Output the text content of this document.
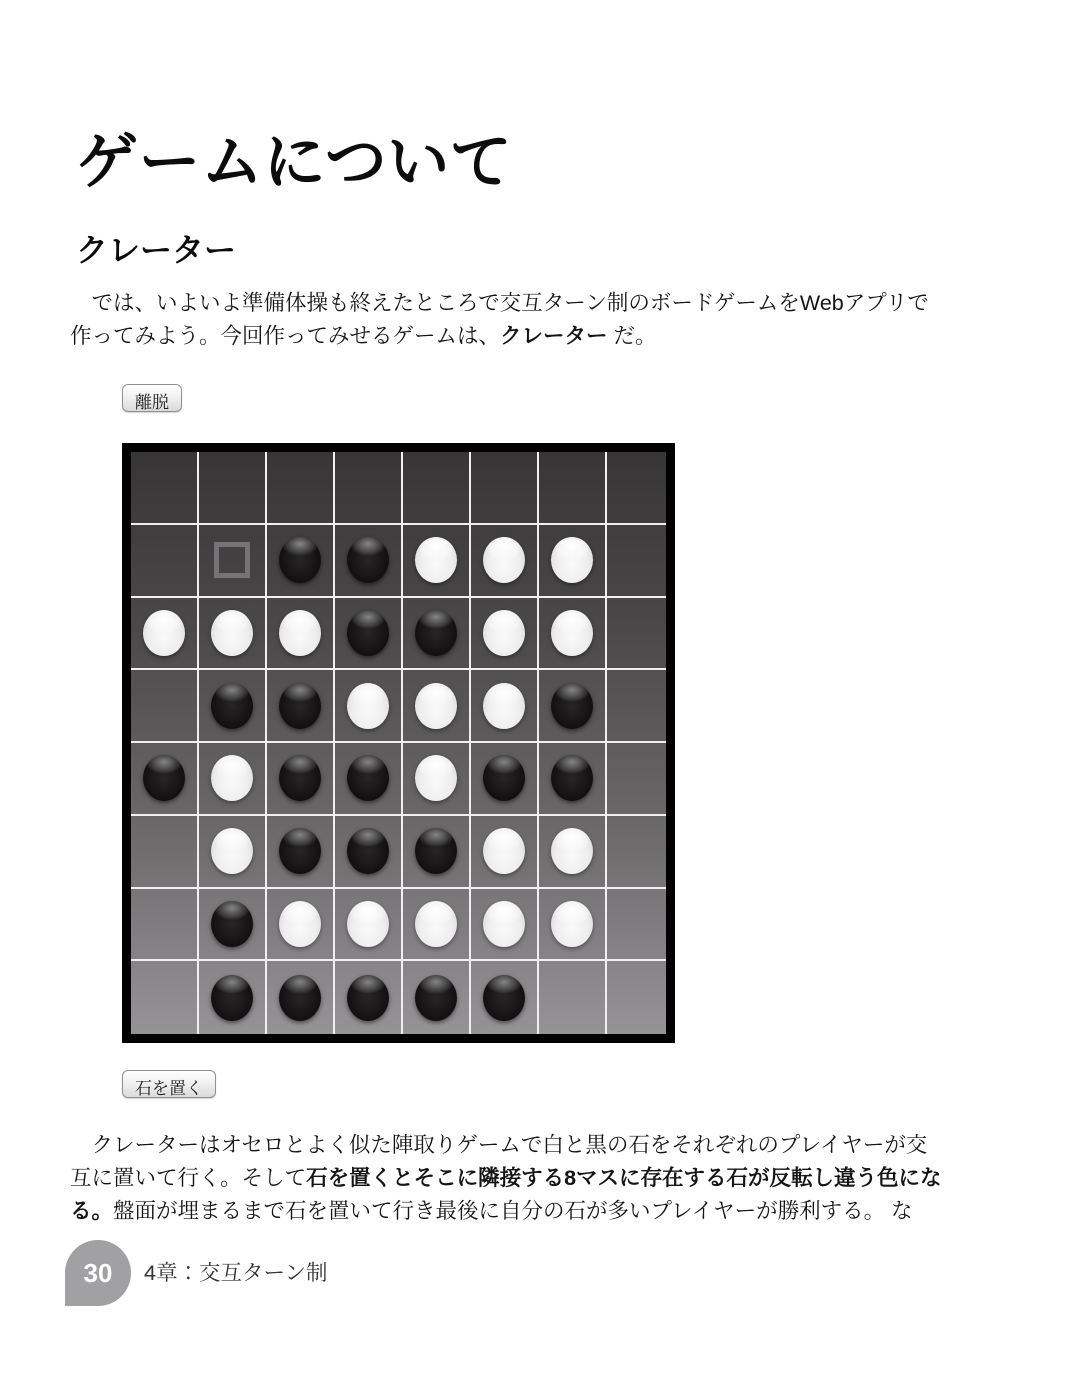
ゲームについて
クレーター

　では、いよいよ準備体操も終えたところで交互ターン制のボードゲームをWebアプリで
作ってみよう。今回作ってみせるゲームは、クレーター だ。

離脱
石を置く

　クレーターはオセロとよく似た陣取りゲームで白と黒の石をそれぞれのプレイヤーが交
互に置いて行く。そして石を置くとそこに隣接する8マスに存在する石が反転し違う色にな
る。盤面が埋まるまで石を置いて行き最後に自分の石が多いプレイヤーが勝利する。 な

30 4章：交互ターン制
